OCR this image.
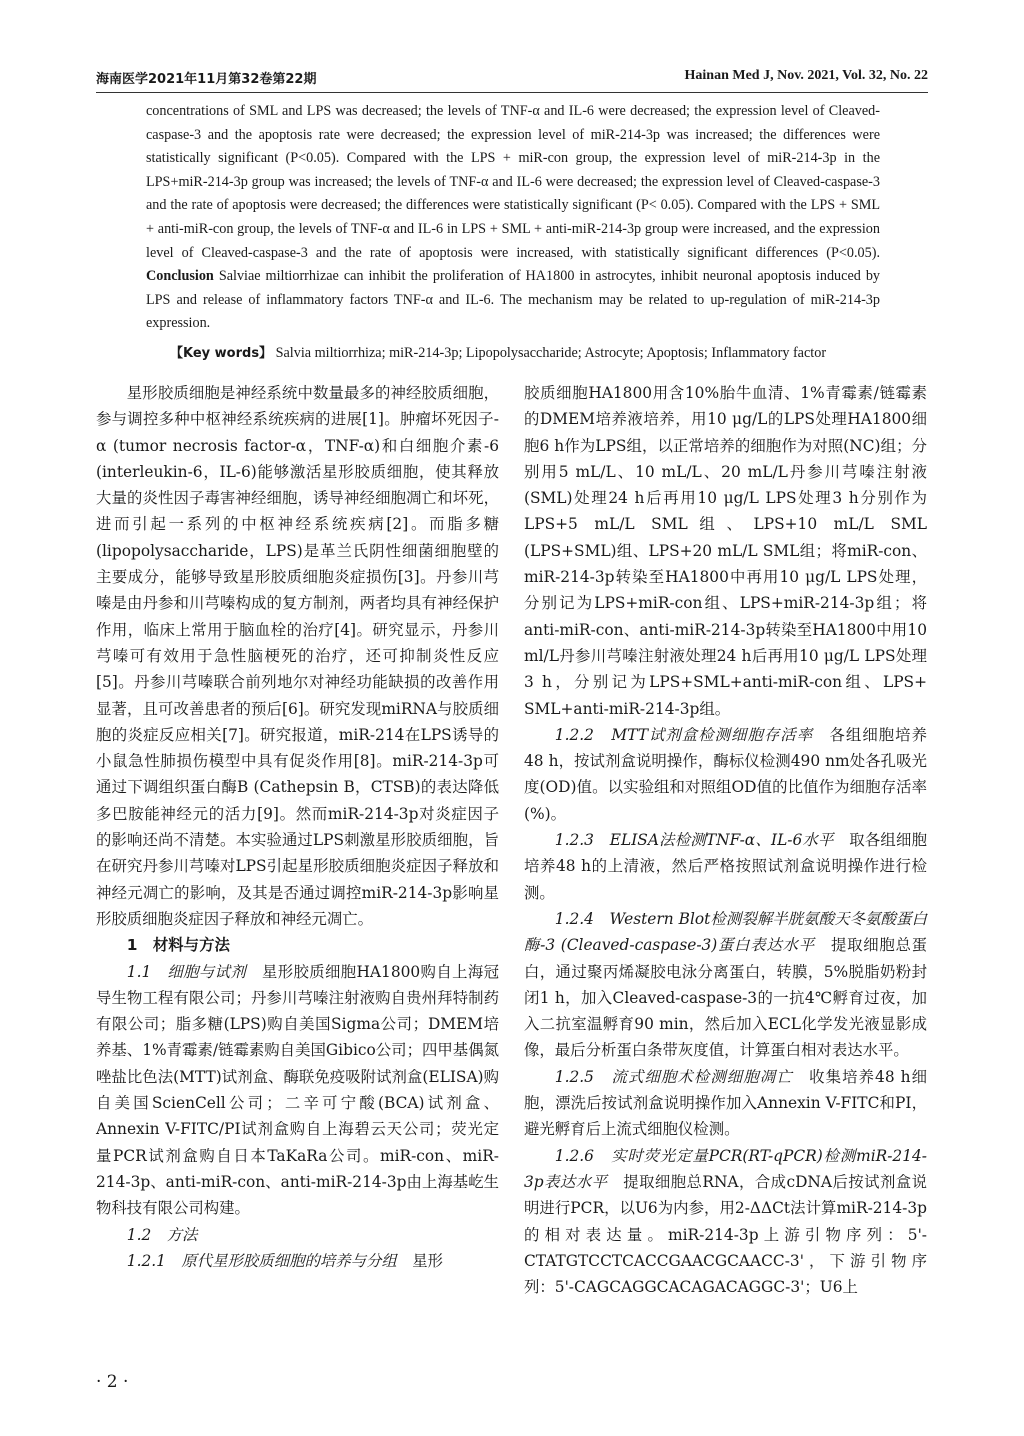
海南医学2021年11月第32卷第22期	Hainan Med J, Nov. 2021, Vol. 32, No. 22
concentrations of SML and LPS was decreased; the levels of TNF-α and IL-6 were decreased; the expression level of Cleaved-caspase-3 and the apoptosis rate were decreased; the expression level of miR-214-3p was increased; the differences were statistically significant (P<0.05). Compared with the LPS + miR-con group, the expression level of miR-214-3p in the LPS+miR-214-3p group was increased; the levels of TNF-α and IL-6 were decreased; the expression level of Cleaved-caspase-3 and the rate of apoptosis were decreased; the differences were statistically significant (P< 0.05). Compared with the LPS + SML + anti-miR-con group, the levels of TNF-α and IL-6 in LPS + SML + anti-miR-214-3p group were increased, and the expression level of Cleaved-caspase-3 and the rate of apoptosis were increased, with statistically significant differences (P<0.05). Conclusion Salviae miltiorrhizae can inhibit the proliferation of HA1800 in astrocytes, inhibit neuronal apoptosis induced by LPS and release of inflammatory factors TNF-α and IL-6. The mechanism may be related to up-regulation of miR-214-3p expression.
【Key words】 Salvia miltiorrhiza; miR-214-3p; Lipopolysaccharide; Astrocyte; Apoptosis; Inflammatory factor

星形胶质细胞是神经系统中数量最多的神经胶质细胞，参与调控多种中枢神经系统疾病的进展[1]。肿瘤坏死因子-α (tumor necrosis factor-α，TNF-α)和白细胞介素-6 (interleukin-6，IL-6)能够激活星形胶质细胞，使其释放大量的炎性因子毒害神经细胞，诱导神经细胞凋亡和坏死，进而引起一系列的中枢神经系统疾病[2]。而脂多糖(lipopolysaccharide，LPS)是革兰氏阴性细菌细胞壁的主要成分，能够导致星形胶质细胞炎症损伤[3]。丹参川芎嗪是由丹参和川芎嗪构成的复方制剂，两者均具有神经保护作用，临床上常用于脑血栓的治疗[4]。研究显示，丹参川芎嗪可有效用于急性脑梗死的治疗，还可抑制炎性反应[5]。丹参川芎嗪联合前列地尔对神经功能缺损的改善作用显著，且可改善患者的预后[6]。研究发现miRNA与胶质细胞的炎症反应相关[7]。研究报道，miR-214在LPS诱导的小鼠急性肺损伤模型中具有促炎作用[8]。miR-214-3p可通过下调组织蛋白酶B (Cathepsin B，CTSB)的表达降低多巴胺能神经元的活力[9]。然而miR-214-3p对炎症因子的影响还尚不清楚。本实验通过LPS刺激星形胶质细胞，旨在研究丹参川芎嗪对LPS引起星形胶质细胞炎症因子释放和神经元凋亡的影响，及其是否通过调控miR-214-3p影响星形胶质细胞炎症因子释放和神经元凋亡。

1　材料与方法

1.1　细胞与试剂　星形胶质细胞HA1800购自上海冠导生物工程有限公司；丹参川芎嗪注射液购自贵州拜特制药有限公司；脂多糖(LPS)购自美国Sigma公司；DMEM培养基、1%青霉素/链霉素购自美国Gibico公司；四甲基偶氮唑盐比色法(MTT)试剂盒、酶联免疫吸附试剂盒(ELISA)购自美国ScienCell公司；二辛可宁酸(BCA)试剂盒、Annexin V-FITC/PI试剂盒购自上海碧云天公司；荧光定量PCR试剂盒购自日本TaKaRa公司。miR-con、miR-214-3p、anti-miR-con、anti-miR-214-3p由上海基屹生物科技有限公司构建。

1.2　方法

1.2.1　原代星形胶质细胞的培养与分组　星形

胶质细胞HA1800用含10%胎牛血清、1%青霉素/链霉素的DMEM培养液培养，用10 μg/L的LPS处理HA1800细胞6 h作为LPS组，以正常培养的细胞作为对照(NC)组；分别用5 mL/L、10 mL/L、20 mL/L丹参川芎嗪注射液(SML)处理24 h后再用10 μg/L LPS处理3 h分别作为LPS+5 mL/L SML组、LPS+10 mL/L SML (LPS+SML)组、LPS+20 mL/L SML组；将miR-con、miR-214-3p转染至HA1800中再用10 μg/L LPS处理，分别记为LPS+miR-con组、LPS+miR-214-3p组；将anti-miR-con、anti-miR-214-3p转染至HA1800中用10 ml/L丹参川芎嗪注射液处理24 h后再用10 μg/L LPS处理3 h，分别记为LPS+SML+anti-miR-con组、LPS+ SML+anti-miR-214-3p组。

1.2.2　MTT试剂盒检测细胞存活率　各组细胞培养48 h，按试剂盒说明操作，酶标仪检测490 nm处各孔吸光度(OD)值。以实验组和对照组OD值的比值作为细胞存活率(%)。

1.2.3　ELISA法检测TNF-α、IL-6水平　取各组细胞培养48 h的上清液，然后严格按照试剂盒说明操作进行检测。

1.2.4　Western Blot检测裂解半胱氨酸天冬氨酸蛋白酶-3 (Cleaved-caspase-3)蛋白表达水平　提取细胞总蛋白，通过聚丙烯凝胶电泳分离蛋白，转膜，5%脱脂奶粉封闭1 h，加入Cleaved-caspase-3的一抗4℃孵育过夜，加入二抗室温孵育90 min，然后加入ECL化学发光液显影成像，最后分析蛋白条带灰度值，计算蛋白相对表达水平。

1.2.5　流式细胞术检测细胞凋亡　收集培养48 h细胞，漂洗后按试剂盒说明操作加入Annexin V-FITC和PI，避光孵育后上流式细胞仪检测。

1.2.6　实时荧光定量PCR(RT-qPCR)检测miR-214-3p表达水平　提取细胞总RNA，合成cDNA后按试剂盒说明进行PCR，以U6为内参，用2-ΔΔCt法计算miR-214-3p的相对表达量。miR-214-3p上游引物序列：5'-CTATGTCCTCACCGAACGCAACC-3'，下游引物序列：5'-CAGCAGGCACAGACAGGC-3'；U6上

· 2 ·
